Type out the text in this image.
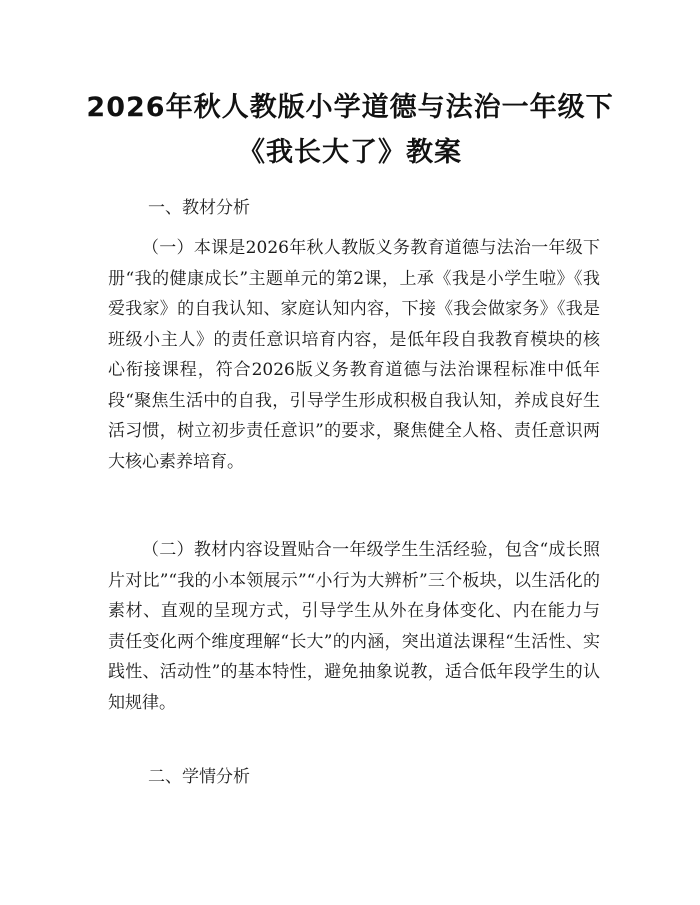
2026年秋人教版小学道德与法治一年级下
《我长大了》教案
一、教材分析

（一）本课是2026年秋人教版义务教育道德与法治一年级下册“我的健康成长”主题单元的第2课，上承《我是小学生啦》《我爱我家》的自我认知、家庭认知内容，下接《我会做家务》《我是班级小主人》的责任意识培育内容，是低年段自我教育模块的核心衔接课程，符合2026版义务教育道德与法治课程标准中低年段“聚焦生活中的自我，引导学生形成积极自我认知，养成良好生活习惯，树立初步责任意识”的要求，聚焦健全人格、责任意识两大核心素养培育。

（二）教材内容设置贴合一年级学生生活经验，包含“成长照片对比”“我的小本领展示”“小行为大辨析”三个板块，以生活化的素材、直观的呈现方式，引导学生从外在身体变化、内在能力与责任变化两个维度理解“长大”的内涵，突出道法课程“生活性、实践性、活动性”的基本特性，避免抽象说教，适合低年段学生的认知规律。

二、学情分析
